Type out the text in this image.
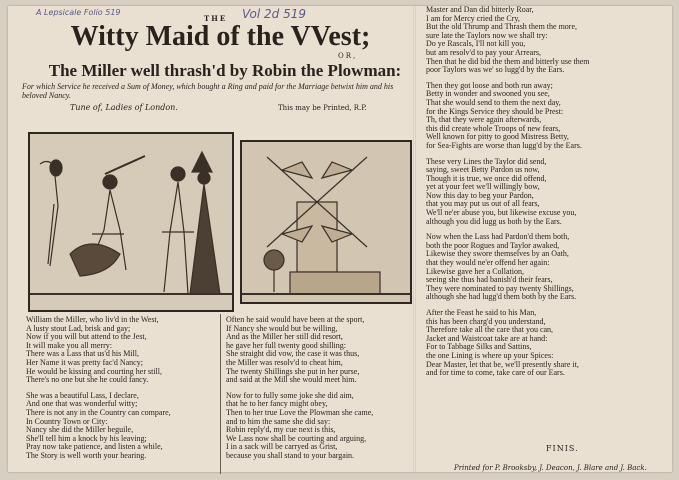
A Lepsicale Folio 519	Vol 2d 519
THE
Witty Maid of the VVest;
OR,
The Miller well thrash'd by Robin the Plowman:
For which Service he received a Sum of Money, which bought a Ring and paid for the Marriage betwixt him and his beloved Nancy.
Tune of, Ladies of London.	This may be Printed, R.P.
William the Miller, who liv'd in the West,
A lusty stout Lad, brisk and gay;
Now if you will but attend to the Jest,
It will make you all merry:
There was a Lass that us'd his Mill,
Her Name it was pretty fac'd Nancy;
He would be kissing and courting her still,
There's no one but she he could fancy.
She was a beautiful Lass, I declare,
And one that was wonderful witty;
There is not any in the Country can compare,
In Country Town or City:
Nancy she did the Miller beguile,
She'll tell him a knock by his leaving;
Pray now take patience, and listen a while,
The Story is well worth your hearing.
Often he said would have been at the sport,
If Nancy she would but be willing,
And as the Miller her still did resort,
he gave her full twenty good shilling:
She straight did vow, the case it was thus,
the Miller was resolv'd to cheat him,
The twenty Shillings she put in her purse,
and said at the Mill she would meet him.
Now for to fully some joke she did aim,
that he to her fancy might obey,
Then to her true Love the Plowman she came,
and to him the same she did say:
Robin reply'd, my cue next is this,
We Lass now shall be courting and arguing,
I in a sack will be carryed as Grist,
because you shall stand to your bargain.
Master and Dan did bitterly Roar,
I am for Mercy cried the Cry,
But the old Thrump and Thrash them the more,
sure late the Taylors now we shall try:
Do ye Rascals, I'll not kill you,
but am resolv'd to pay your Arrears,
Then that he did bid the them and bitterly use them
poor Taylors was we' so lugg'd by the Ears.
Then they got loose and both run away;
Betty in wonder and swooned you see,
That she would send to them the next day,
for the Kings Service they should be Prest:
Th, that they were again afterwards,
this did create whole Troops of new fears,
Well known for pitty to good Mistress Betty,
for Sea-Fights are worse than lugg'd by the Ears.
These very Lines the Taylor did send,
saying, sweet Betty Pardon us now,
Though it is true, we once did offend,
yet at your feet we'll willingly bow,
Now this day to beg your Pardon,
that you may put us out of all fears,
We'll ne'er abuse you, but likewise excuse you,
although you did lugg us both by the Ears.
Now when the Lass had Pardon'd them both,
both the poor Rogues and Taylor awaked,
Likewise they swore themselves by an Oath,
that they would ne'er offend her again:
Likewise gave her a Collation,
seeing she thus had banish'd their fears,
They were nominated to pay twenty Shillings,
although she had lugg'd them both by the Ears.
After the Feast he said to his Man,
this has been charg'd you understand,
Therefore take all the care that you can,
Jacket and Waistcoat take are at hand:
For to Tabbage Silks and Sattins,
the one Lining is where up your Spices:
Dear Master, let that be, we'll presently share it,
and for time to come, take care of our Ears.
FINIS.
Printed for P. Brooksby, J. Deacon, J. Blare and J. Back.
